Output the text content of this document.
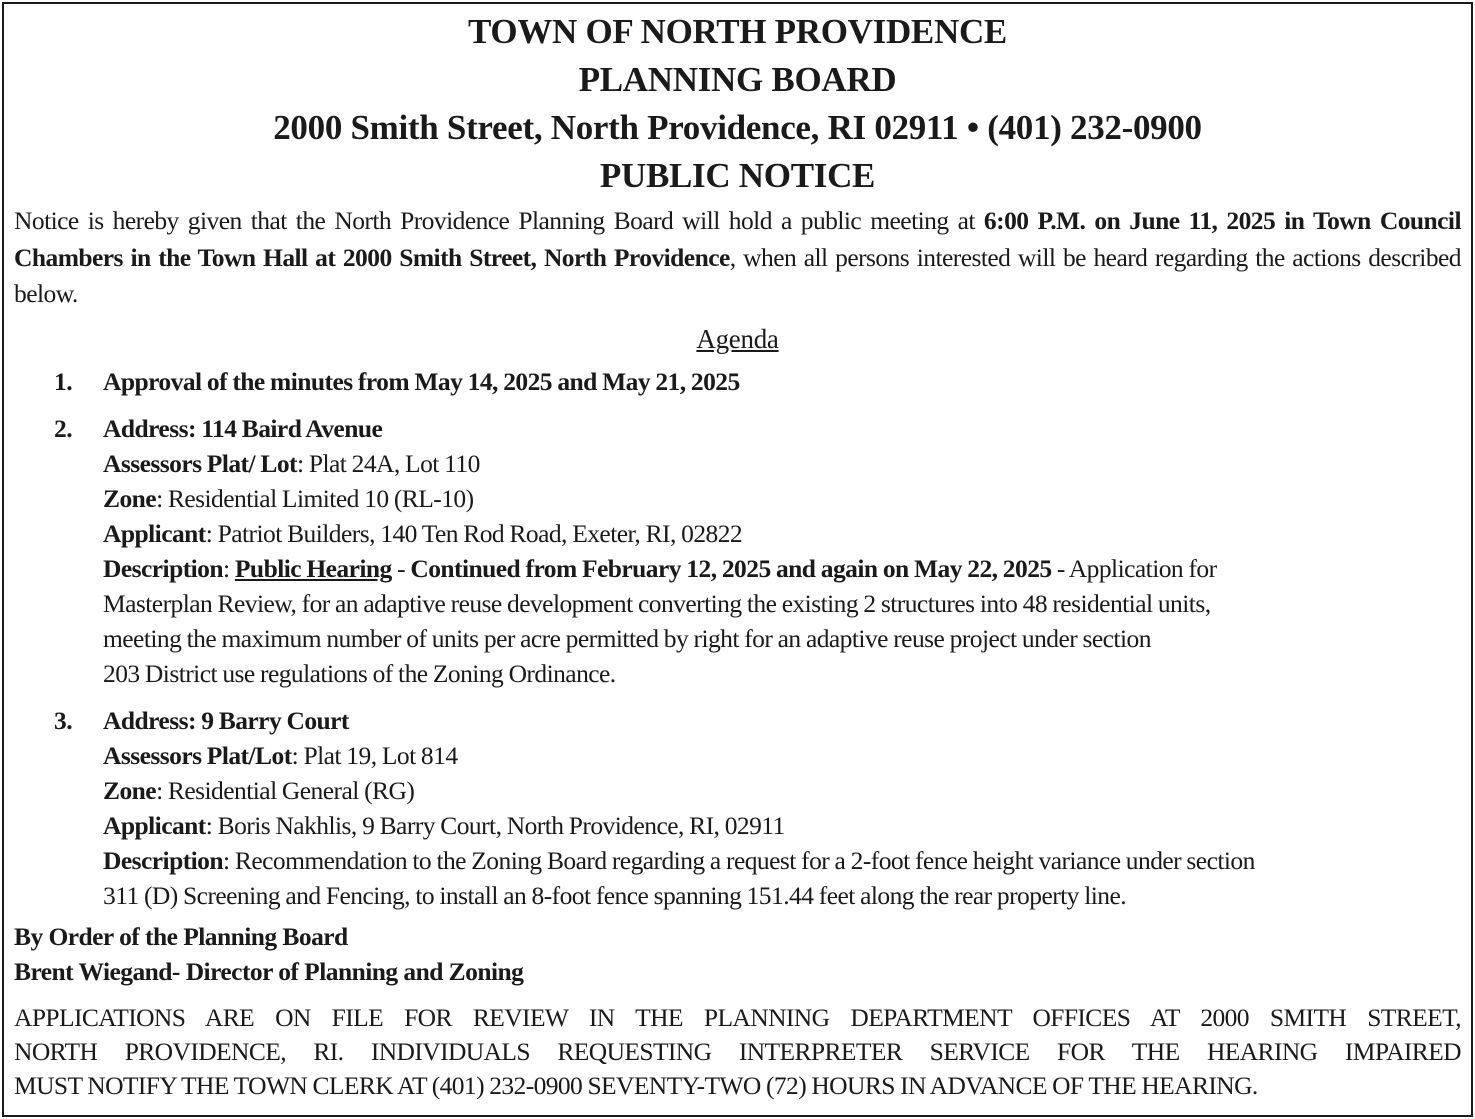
TOWN OF NORTH PROVIDENCE
PLANNING BOARD
2000 Smith Street, North Providence, RI 02911 • (401) 232-0900
PUBLIC NOTICE

Notice is hereby given that the North Providence Planning Board will hold a public meeting at 6:00 P.M. on June 11, 2025 in Town Council Chambers in the Town Hall at 2000 Smith Street, North Providence, when all persons interested will be heard regarding the actions described below.

Agenda
1. Approval of the minutes from May 14, 2025 and May 21, 2025
2. Address: 114 Baird Avenue
Assessors Plat/ Lot: Plat 24A, Lot 110
Zone: Residential Limited 10 (RL-10)
Applicant: Patriot Builders, 140 Ten Rod Road, Exeter, RI, 02822
Description: Public Hearing - Continued from February 12, 2025 and again on May 22, 2025 - Application for
Masterplan Review, for an adaptive reuse development converting the existing 2 structures into 48 residential units,
meeting the maximum number of units per acre permitted by right for an adaptive reuse project under section
203 District use regulations of the Zoning Ordinance.
3. Address: 9 Barry Court
Assessors Plat/Lot: Plat 19, Lot 814
Zone: Residential General (RG)
Applicant: Boris Nakhlis, 9 Barry Court, North Providence, RI, 02911
Description: Recommendation to the Zoning Board regarding a request for a 2-foot fence height variance under section
311 (D) Screening and Fencing, to install an 8-foot fence spanning 151.44 feet along the rear property line.
By Order of the Planning Board
Brent Wiegand- Director of Planning and Zoning
APPLICATIONS ARE ON FILE FOR REVIEW IN THE PLANNING DEPARTMENT OFFICES AT 2000 SMITH STREET,
NORTH PROVIDENCE, RI. INDIVIDUALS REQUESTING INTERPRETER SERVICE FOR THE HEARING IMPAIRED
MUST NOTIFY THE TOWN CLERK AT (401) 232-0900 SEVENTY-TWO (72) HOURS IN ADVANCE OF THE HEARING.
